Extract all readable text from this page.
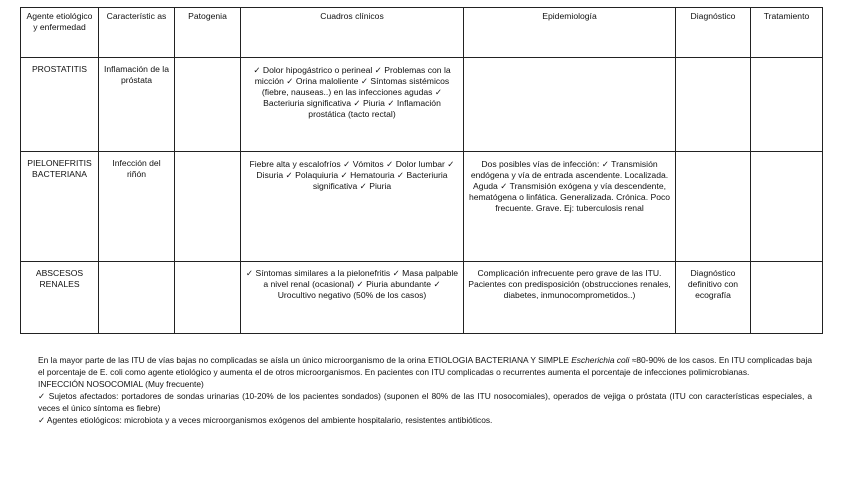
Agente etiológico y enfermedad	Característic as	Patogenia	Cuadros clínicos	Epidemiología	Diagnóstico	Tratamiento
PROSTATITIS	Inflamación de la próstata		✓ Dolor hipogástrico o perineal ✓ Problemas con la micción ✓ Orina maloliente ✓ Síntomas sistémicos (fiebre, nauseas..) en las infecciones agudas ✓ Bacteriuria significativa ✓ Piuria ✓ Inflamación prostática (tacto rectal)			
PIELONEFRITIS BACTERIANA	Infección del riñón		Fiebre alta y escalofríos ✓ Vómitos ✓ Dolor lumbar ✓ Disuria ✓ Polaquiuria ✓ Hematouria ✓ Bacteriuria significativa ✓ Piuria	Dos posibles vías de infección: ✓ Transmisión endógena y vía de entrada ascendente. Localizada. Aguda ✓ Transmisión exógena y vía descendente, hematógena o linfática. Generalizada. Crónica. Poco frecuente. Grave. Ej: tuberculosis renal		
ABSCESOS RENALES			✓ Síntomas similares a la pielonefritis ✓ Masa palpable a nivel renal (ocasional) ✓ Piuria abundante ✓ Urocultivo negativo (50% de los casos)	Complicación infrecuente pero grave de las ITU. Pacientes con predisposición (obstrucciones renales, diabetes, inmunocomprometidos..)	Diagnóstico definitivo con ecografía	

En la mayor parte de las ITU de vías bajas no complicadas se aísla un único microorganismo de la orina ETIOLOGIA BACTERIANA Y SIMPLE Escherichia coli ≈80-90% de los casos. En ITU complicadas baja el porcentaje de E. coli como agente etiológico y aumenta el de otros microorganismos. En pacientes con ITU complicadas o recurrentes aumenta el porcentaje de infecciones polimicrobianas.

INFECCIÓN NOSOCOMIAL (Muy frecuente)

✓ Sujetos afectados: portadores de sondas urinarias (10-20% de los pacientes sondados) (suponen el 80% de las ITU nosocomiales), operados de vejiga o próstata (ITU con características especiales, a veces el único síntoma es fiebre)

✓ Agentes etiológicos: microbiota y a veces microorganismos exógenos del ambiente hospitalario, resistentes antibióticos.
